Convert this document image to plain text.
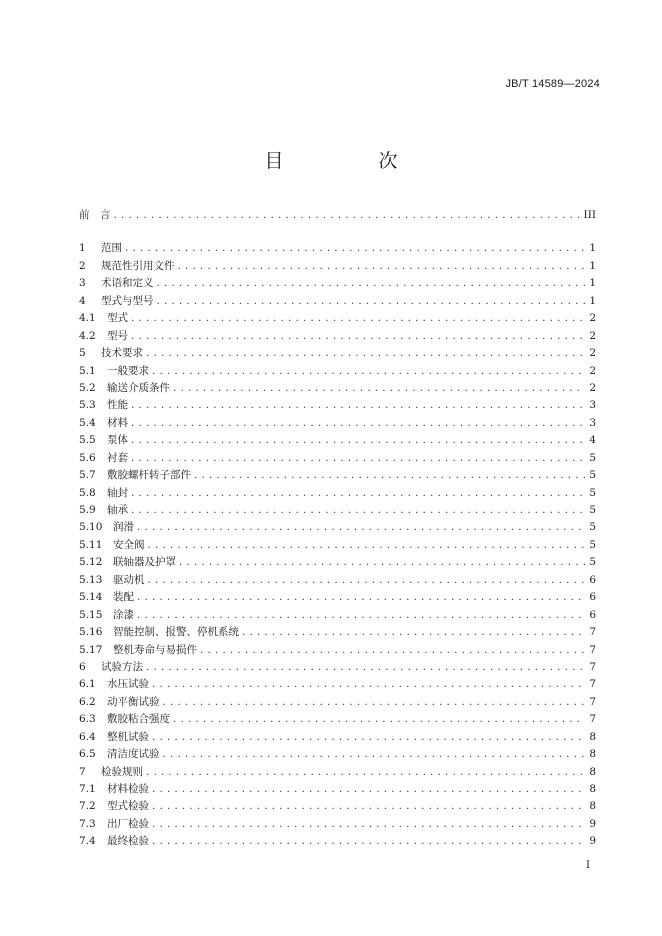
JB/T 14589—2024
目　次
前　言 . . .	III
1	范围 . . .	1
2	规范性引用文件 . . .	1
3	术语和定义 . . .	1
4	型式与型号 . . .	1
4.1	型式 . . .	2
4.2	型号 . . .	2
5	技术要求 . . .	2
5.1	一般要求 . . .	2
5.2	输送介质条件 . . .	2
5.3	性能 . . .	3
5.4	材料 . . .	3
5.5	泵体 . . .	4
5.6	衬套 . . .	5
5.7	敷胶螺杆转子部件 . . .	5
5.8	轴封 . . .	5
5.9	轴承 . . .	5
5.10	润滑 . . .	5
5.11	安全阀 . . .	5
5.12	联轴器及护罩 . . .	5
5.13	驱动机 . . .	6
5.14	装配 . . .	6
5.15	涂漆 . . .	6
5.16	智能控制、报警、停机系统 . . .	7
5.17	整机寿命与易损件 . . .	7
6	试验方法 . . .	7
6.1	水压试验 . . .	7
6.2	动平衡试验 . . .	7
6.3	敷胶粘合强度 . . .	7
6.4	整机试验 . . .	8
6.5	清洁度试验 . . .	8
7	检验规则 . . .	8
7.1	材料检验 . . .	8
7.2	型式检验 . . .	8
7.3	出厂检验 . . .	9
7.4	最终检验 . . .	9
I
